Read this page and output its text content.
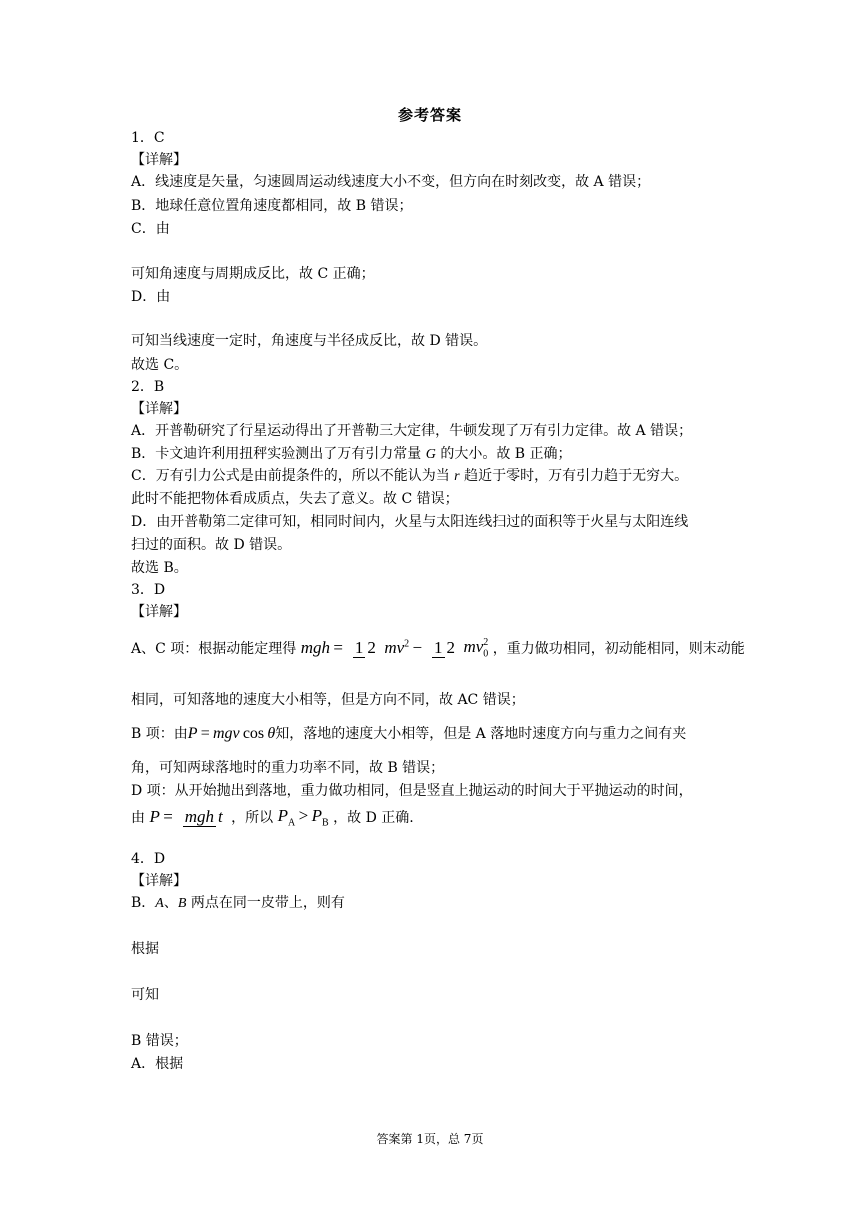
参考答案
1．C
【详解】
A．线速度是矢量，匀速圆周运动线速度大小不变，但方向在时刻改变，故 A 错误；
B．地球任意位置角速度都相同，故 B 错误；
C．由
可知角速度与周期成反比，故 C 正确；
D．由
可知当线速度一定时，角速度与半径成反比，故 D 错误。
故选 C。
2．B
【详解】
A．开普勒研究了行星运动得出了开普勒三大定律，牛顿发现了万有引力定律。故 A 错误；
B．卡文迪许利用扭秤实验测出了万有引力常量 G 的大小。故 B 正确；
C．万有引力公式是由前提条件的，所以不能认为当 r 趋近于零时，万有引力趋于无穷大。
此时不能把物体看成质点，失去了意义。故 C 错误；
D．由开普勒第二定律可知，相同时间内，火星与太阳连线扫过的面积等于火星与太阳连线
扫过的面积。故 D 错误。
故选 B。
3．D
【详解】
A、C 项：根据动能定理得 mgh =  1 2 $mv^2 - 1$ 2 $mv_0^2$ ，重力做功相同，初动能相同，则末动能
相同，可知落地的速度大小相等，但是方向不同，故 AC 错误；
B 项：由P = mgv cos θ知，落地的速度大小相等，但是 A 落地时速度方向与重力之间有夹
角，可知两球落地时的重力功率不同，故 B 错误；
D 项：从开始抛出到落地，重力做功相同，但是竖直上抛运动的时间大于平抛运动的时间，
由 P =  mgh t ，所以 $P_A > P_B$ ，故 D 正确.
4．D
【详解】
B．A、B 两点在同一皮带上，则有
根据
可知
B 错误；
A．根据
答案第 1页，总 7页
